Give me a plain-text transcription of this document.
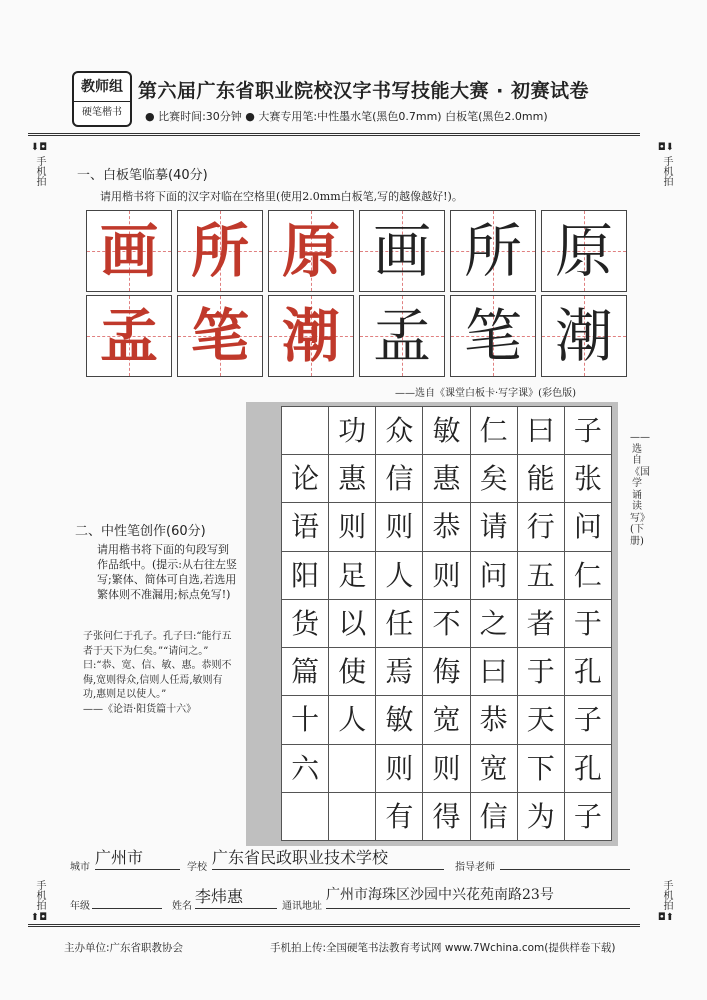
教师组
硬笔楷书
第六届广东省职业院校汉字书写技能大赛 · 初赛试卷
● 比赛时间:30分钟 ● 大赛专用笔:中性墨水笔(黑色0.7mm) 白板笔(黑色2.0mm)
⬇◘
手机拍
◘⬇
手机拍
手机拍
⬆◘
手机拍
◘⬆
一、白板笔临摹(40分)
请用楷书将下面的汉字对临在空格里(使用2.0mm白板笔,写的越像越好!)。
画 所 原 画 所 原
孟 笔 潮 孟 笔 潮
——选自《课堂白板卡·写字课》(彩色版)
论
语
阳
货
篇
十
六
功
惠
则
足
以
使
人
众
信
则
人
任
焉
敏
则
有
敏
惠
恭
则
不
侮
宽
则
得
仁
矣
请
问
之
曰
恭
宽
信
曰
能
行
五
者
于
天
下
为
子
张
问
仁
于
孔
子
孔
子
——选自《国学诵读写》(下册)
二、中性笔创作(60分)
请用楷书将下面的句段写到作品纸中。(提示:从右往左竖写;繁体、简体可自选,若选用繁体则不准漏用;标点免写!)
子张问仁于孔子。孔子曰:“能行五者于天下为仁矣。”“请问之。” 曰:“恭、宽、信、敏、惠。恭则不侮,宽则得众,信则人任焉,敏则有功,惠则足以使人。”
——《论语·阳货篇十六》
城市
广州市
学校
广东省民政职业技术学校
指导老师
年级	姓名
李炜惠
通讯地址
广州市海珠区沙园中兴花苑南路23号
主办单位:广东省职教协会	手机拍上传:全国硬笔书法教育考试网 www.7Wchina.com(提供样卷下载)
